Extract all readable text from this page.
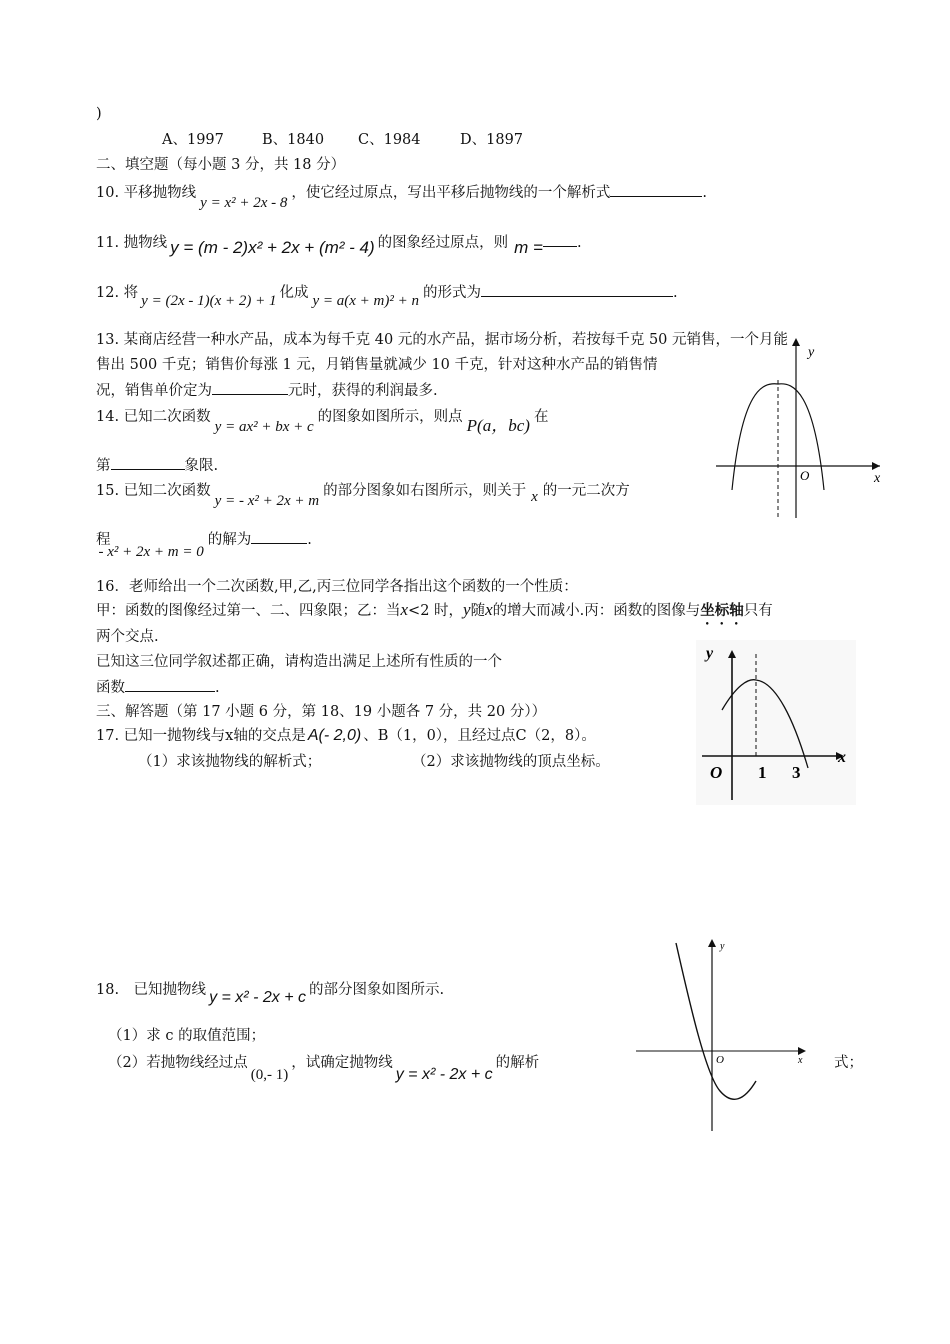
)
A、1997	B、1840 C、1984	D、1897
二、填空题（每小题 3 分，共 18 分）
10. 平移抛物线y = x² + 2x - 8，使它经过原点，写出平移后抛物线的一个解析式	.
11. 抛物线 y = (m - 2)x² + 2x + (m² - 4) 的图象经过原点，则 m = .
12. 将 y = (2x - 1)(x + 2) + 1 化成 y = a(x + m)² + n 的形式为	.
13. 某商店经营一种水产品，成本为每千克 40 元的水产品，据市场分析，若按每千克 50 元销售，一个月能
售出 500 千克；销售价每涨 1 元，月销售量就减少 10 千克，针对这种水产品的销售情
况，销售单价定为	元时，获得的利润最多.
14. 已知二次函数y = ax² + bx + c的图象如图所示，则点 P(a，bc) 在
第	象限.
15. 已知二次函数y = - x² + 2x + m的部分图象如右图所示，则关于 x 的一元二次方
程- x² + 2x + m = 0的解为	.
16．老师给出一个二次函数,甲,乙,丙三位同学各指出这个函数的一个性质：
甲：函数的图像经过第一、二、四象限；乙：当x<2 时，y随x的增大而减小.丙：函数的图像与坐标轴只有
两个交点.
已知这三位同学叙述都正确，请构造出满足上述所有性质的一个
函数	.
三、解答题（第 17 小题 6 分，第 18、19 小题各 7 分，共 20 分））
17. 已知一抛物线与x轴的交点是 A(- 2,0) 、B（1，0），且经过点C（2，8）。
（1）求该抛物线的解析式；	（2）求该抛物线的顶点坐标。
18.　已知抛物线 y = x² - 2x + c 的部分图象如图所示.
（1）求 c 的取值范围；
（2）若抛物线经过点(0,- 1)，试确定抛物线y = x² - 2x + c的解析	式；
y
x
O
y
x
O 1 3
y
x
O
